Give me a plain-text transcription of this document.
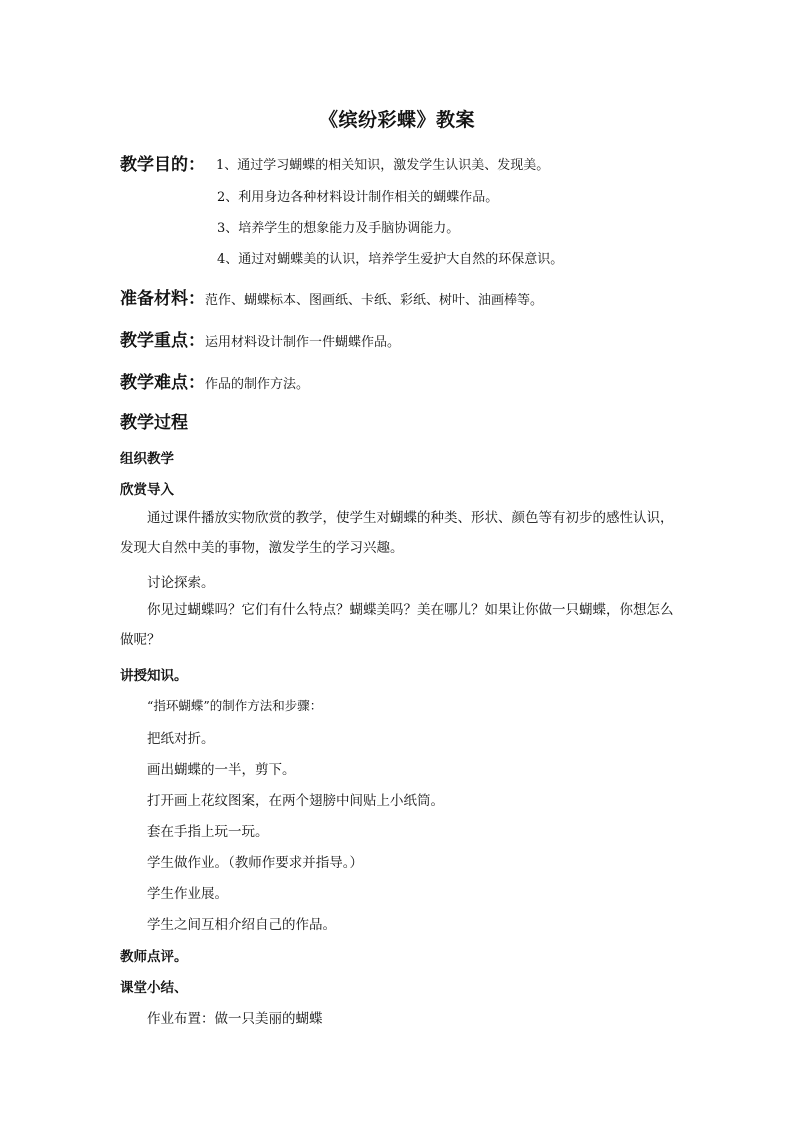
《缤纷彩蝶》教案
教学目的： 1、通过学习蝴蝶的相关知识，激发学生认识美、发现美。
2、利用身边各种材料设计制作相关的蝴蝶作品。
3、培养学生的想象能力及手脑协调能力。
4、通过对蝴蝶美的认识，培养学生爱护大自然的环保意识。
准备材料：范作、蝴蝶标本、图画纸、卡纸、彩纸、树叶、油画棒等。
教学重点：运用材料设计制作一件蝴蝶作品。
教学难点：作品的制作方法。
教学过程
组织教学
欣赏导入
通过课件播放实物欣赏的教学，使学生对蝴蝶的种类、形状、颜色等有初步的感性认识，发现大自然中美的事物，激发学生的学习兴趣。
讨论探索。
你见过蝴蝶吗？它们有什么特点？蝴蝶美吗？美在哪儿？如果让你做一只蝴蝶，你想怎么做呢？
讲授知识。
“指环蝴蝶”的制作方法和步骤：
把纸对折。
画出蝴蝶的一半，剪下。
打开画上花纹图案，在两个翅膀中间贴上小纸筒。
套在手指上玩一玩。
学生做作业。（教师作要求并指导。）
学生作业展。
学生之间互相介绍自己的作品。
教师点评。
课堂小结、
作业布置：做一只美丽的蝴蝶
